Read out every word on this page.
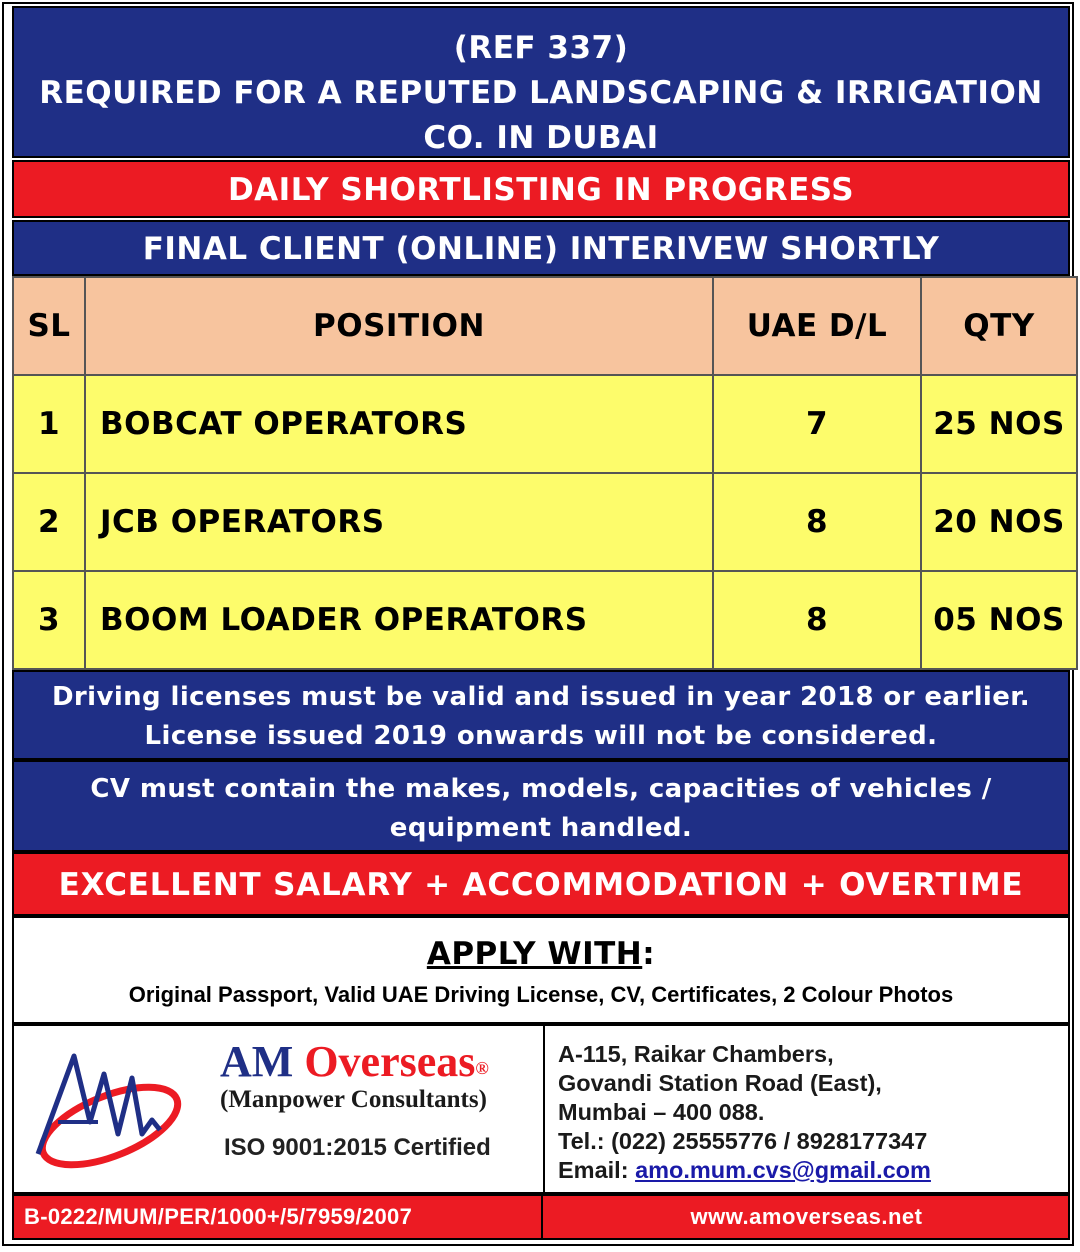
(REF 337)
REQUIRED FOR A REPUTED LANDSCAPING & IRRIGATION
CO. IN DUBAI
DAILY SHORTLISTING IN PROGRESS
FINAL CLIENT (ONLINE) INTERIVEW SHORTLY
SL	POSITION	UAE D/L	QTY
1	BOBCAT OPERATORS	7	25 NOS
2	JCB OPERATORS	8	20 NOS
3	BOOM LOADER OPERATORS	8	05 NOS
Driving licenses must be valid and issued in year 2018 or earlier.
License issued 2019 onwards will not be considered.
CV must contain the makes, models, capacities of vehicles /
equipment handled.
EXCELLENT SALARY + ACCOMMODATION + OVERTIME
APPLY WITH:
Original Passport, Valid UAE Driving License, CV, Certificates, 2 Colour Photos
AM Overseas®
(Manpower Consultants)
ISO 9001:2015 Certified
A-115, Raikar Chambers,
Govandi Station Road (East),
Mumbai – 400 088.
Tel.: (022) 25555776 / 8928177347
Email: amo.mum.cvs@gmail.com
B-0222/MUM/PER/1000+/5/7959/2007	www.amoverseas.net
